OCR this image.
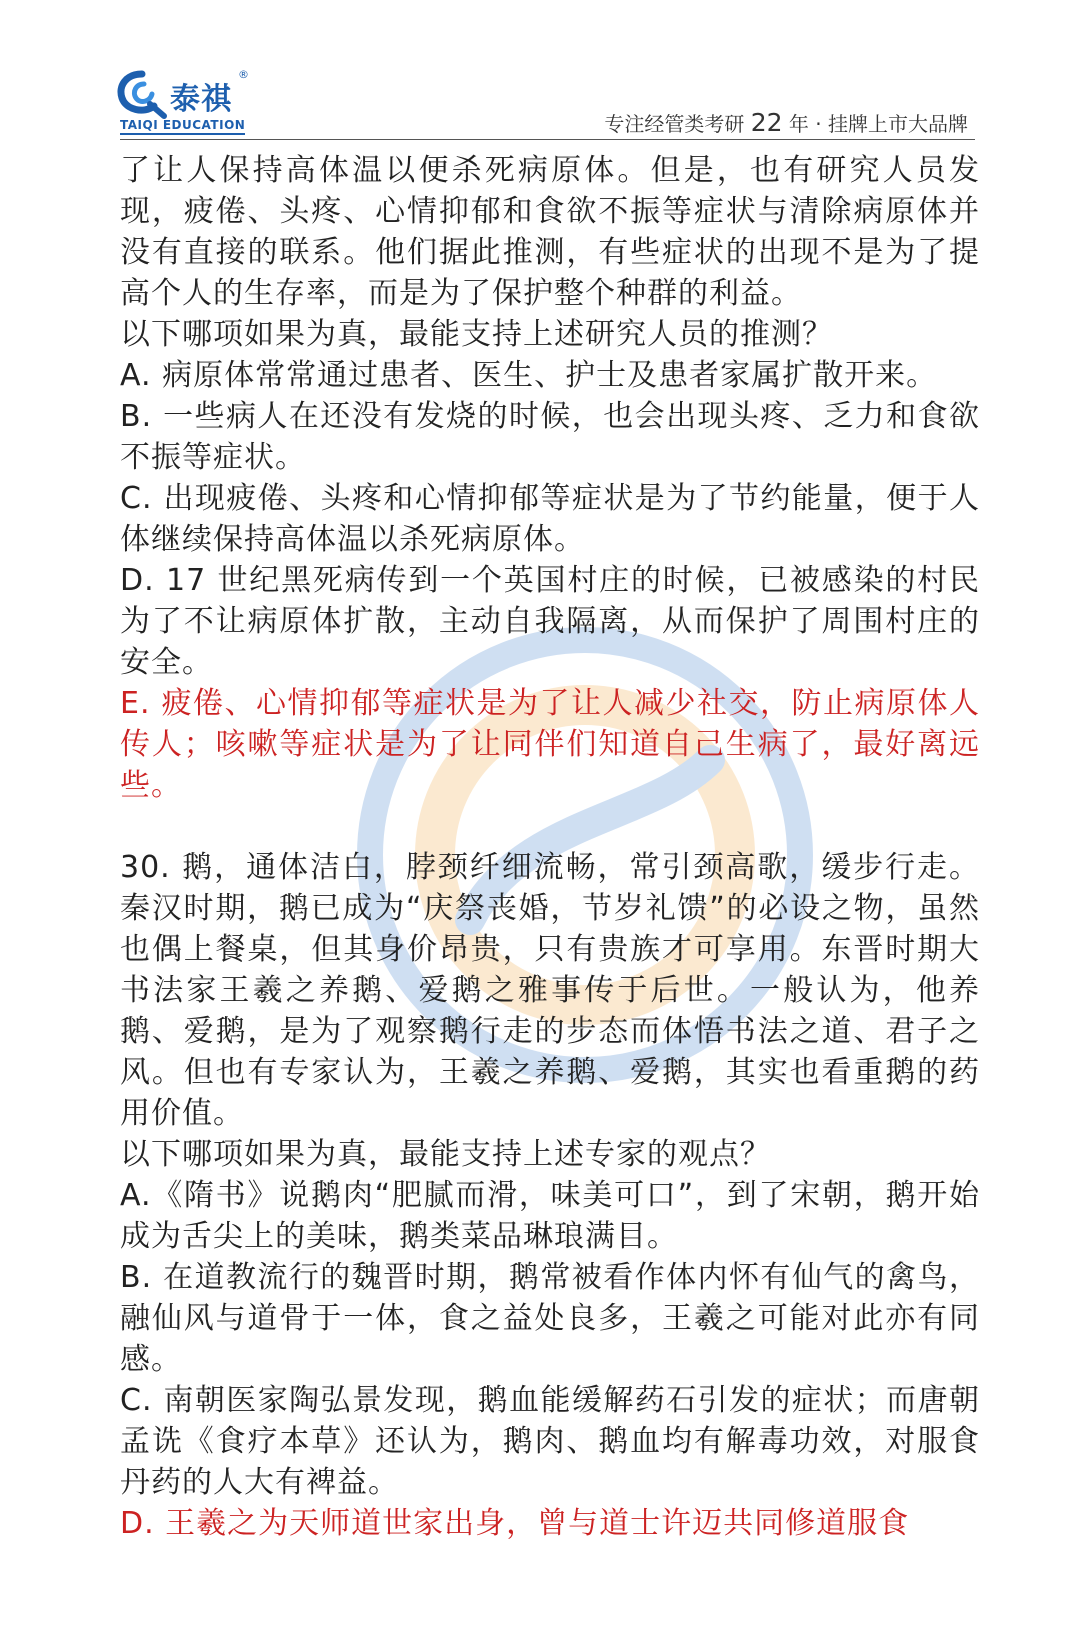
泰祺
®
TAIQI EDUCATION	专注经管类考研 22 年 · 挂牌上市大品牌

了让人保持高体温以便杀死病原体。但是，也有研究人员发现，疲倦、头疼、心情抑郁和食欲不振等症状与清除病原体并没有直接的联系。他们据此推测，有些症状的出现不是为了提高个人的生存率，而是为了保护整个种群的利益。

以下哪项如果为真，最能支持上述研究人员的推测？

A. 病原体常常通过患者、医生、护士及患者家属扩散开来。

B. 一些病人在还没有发烧的时候，也会出现头疼、乏力和食欲不振等症状。

C. 出现疲倦、头疼和心情抑郁等症状是为了节约能量，便于人体继续保持高体温以杀死病原体。

D. 17 世纪黑死病传到一个英国村庄的时候，已被感染的村民为了不让病原体扩散，主动自我隔离，从而保护了周围村庄的安全。

E. 疲倦、心情抑郁等症状是为了让人减少社交，防止病原体人传人；咳嗽等症状是为了让同伴们知道自己生病了，最好离远些。

30. 鹅，通体洁白，脖颈纤细流畅，常引颈高歌，缓步行走。秦汉时期，鹅已成为“庆祭丧婚，节岁礼馈”的必设之物，虽然也偶上餐桌，但其身价昂贵，只有贵族才可享用。东晋时期大书法家王羲之养鹅、爱鹅之雅事传于后世。一般认为，他养鹅、爱鹅，是为了观察鹅行走的步态而体悟书法之道、君子之风。但也有专家认为，王羲之养鹅、爱鹅，其实也看重鹅的药用价值。

以下哪项如果为真，最能支持上述专家的观点？

A.《隋书》说鹅肉“肥腻而滑，味美可口”，到了宋朝，鹅开始成为舌尖上的美味，鹅类菜品琳琅满目。

B. 在道教流行的魏晋时期，鹅常被看作体内怀有仙气的禽鸟，融仙风与道骨于一体，食之益处良多，王羲之可能对此亦有同感。

C. 南朝医家陶弘景发现，鹅血能缓解药石引发的症状；而唐朝孟诜《食疗本草》还认为，鹅肉、鹅血均有解毒功效，对服食丹药的人大有裨益。

D. 王羲之为天师道世家出身，曾与道士许迈共同修道服食
